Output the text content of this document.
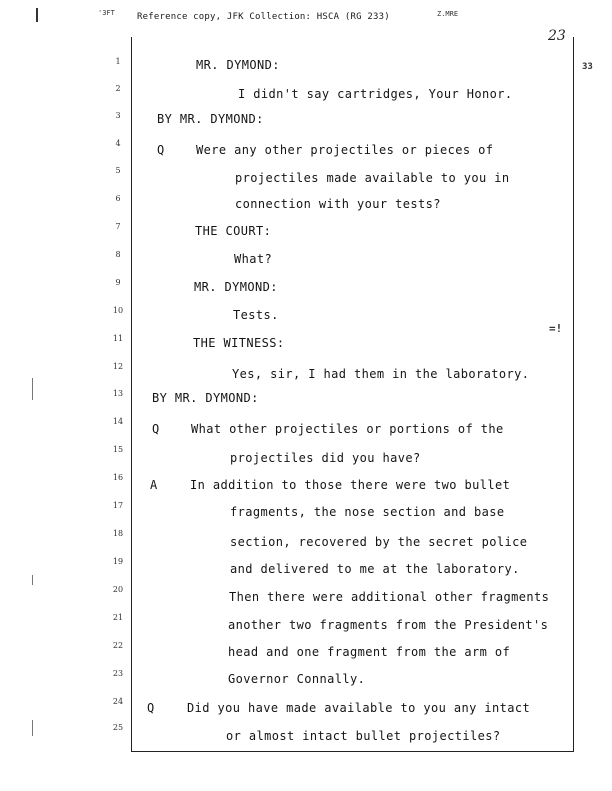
'3FT Reference copy, JFK Collection: HSCA (RG 233)	Z.MRE
23
33
=!
1
2
3
4
5
6
7
8
9
10
11
12
13
14
15
16
17
18
19
20
21
22
23
24
25
MR. DYMOND:
I didn't say cartridges, Your Honor.
BY MR. DYMOND:
Q	Were any other projectiles or pieces of
projectiles made available to you in
connection with your tests?
THE COURT:
What?
MR. DYMOND:
Tests.
THE WITNESS:
Yes, sir, I had them in the laboratory.
BY MR. DYMOND:
Q	What other projectiles or portions of the
projectiles did you have?
A	In addition to those there were two bullet
fragments, the nose section and base
section, recovered by the secret police
and delivered to me at the laboratory.
Then there were additional other fragments
another two fragments from the President's
head and one fragment from the arm of
Governor Connally.
Q	Did you have made available to you any intact
or almost intact bullet projectiles?
